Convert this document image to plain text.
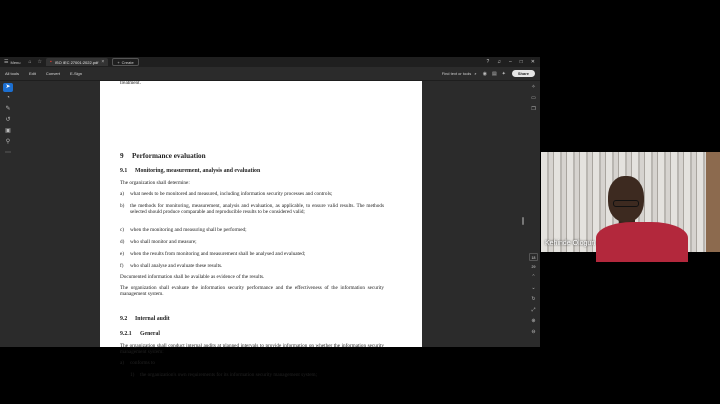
☰ Menu ⌂ ☆ ▪ ISO IEC 27001:2022.pdf ×	+ Create	? ♫ – □ ✕
All tools	Edit	Convert	E-Sign	Find text or tools ⌕ ◉ ▤ ✦	Share
➤
◔
✎
↺
▣
⚲
⋯
treatment.
9 Performance evaluation
9.1 Monitoring, measurement, analysis and evaluation
The organization shall determine:
a)	what needs to be monitored and measured, including information security processes and controls;
b)	the methods for monitoring, measurement, analysis and evaluation, as applicable, to ensure valid results. The methods selected should produce comparable and reproducible results to be considered valid;
c)	when the monitoring and measuring shall be performed;
d)	who shall monitor and measure;
e)	when the results from monitoring and measurement shall be analysed and evaluated;
f)	who shall analyse and evaluate these results.
Documented information shall be available as evidence of the results.
The organization shall evaluate the information security performance and the effectiveness of the information security management system.
9.2 Internal audit
9.2.1 General
The organization shall conduct internal audits at planned intervals to provide information on whether the information security management system:
a)	conforms to
1)	the organization's own requirements for its information security management system;
✧
▭
❐
18
29
⌃
⌄
↻
⤢
⊕
⊖
Kehinde Ologun
